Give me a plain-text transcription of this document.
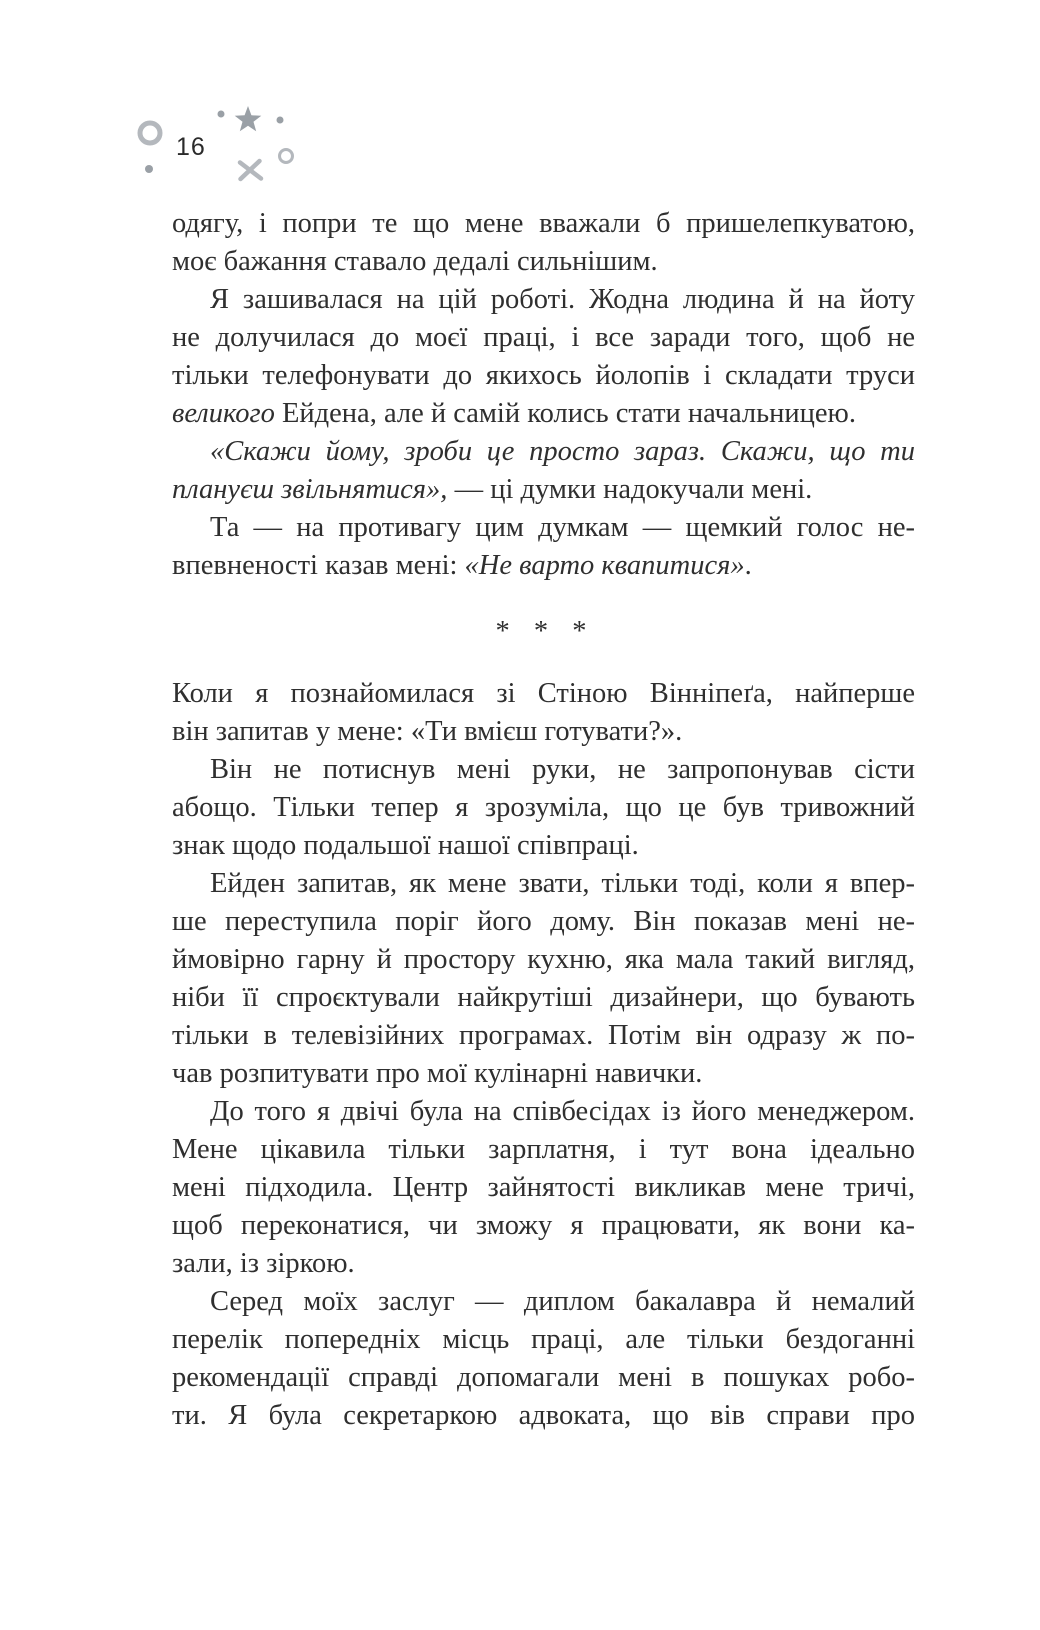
16

одягу, і попри те що мене вважали б пришелепкуватою,
моє бажання ставало дедалі сильнішим.

Я зашивалася на цій роботі. Жодна людина й на йоту
не долучилася до моєї праці, і все заради того, щоб не
тільки телефонувати до якихось йолопів і складати труси
великого Ейдена, але й самій колись стати начальницею.

«Скажи йому, зроби це просто зараз. Скажи, що ти
плануєш звільнятися», — ці думки надокучали мені.

Та — на противагу цим думкам — щемкий голос не-
впевненості казав мені: «Не варто квапитися».

* * *

Коли я познайомилася зі Стіною Вінніпеґа, найперше
він запитав у мене: «Ти вмієш готувати?».

Він не потиснув мені руки, не запропонував сісти
абощо. Тільки тепер я зрозуміла, що це був тривожний
знак щодо подальшої нашої співпраці.

Ейден запитав, як мене звати, тільки тоді, коли я впер-
ше переступила поріг його дому. Він показав мені не-
ймовірно гарну й простору кухню, яка мала такий вигляд,
ніби її спроєктували найкрутіші дизайнери, що бувають
тільки в телевізійних програмах. Потім він одразу ж по-
чав розпитувати про мої кулінарні навички.

До того я двічі була на співбесідах із його менеджером.
Мене цікавила тільки зарплатня, і тут вона ідеально
мені підходила. Центр зайнятості викликав мене тричі,
щоб переконатися, чи зможу я працювати, як вони ка-
зали, із зіркою.

Серед моїх заслуг — диплом бакалавра й немалий
перелік попередніх місць праці, але тільки бездоганні
рекомендації справді допомагали мені в пошуках робо-
ти. Я була секретаркою адвоката, що вів справи про
